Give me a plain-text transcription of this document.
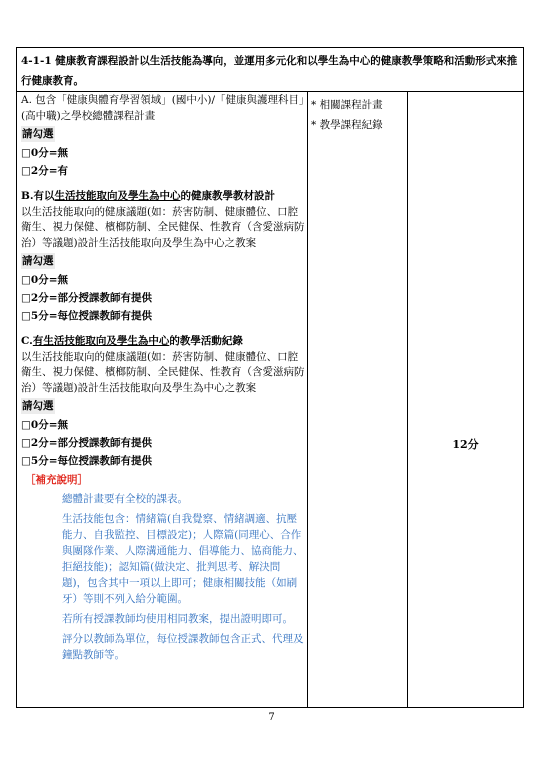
4-1-1 健康教育課程設計以生活技能為導向，並運用多元化和以學生為中心的健康教學策略和活動形式來推行健康教育。
A. 包含「健康與體育學習領域」(國中小)/「健康與護理科目」(高中職)之學校總體課程計畫
請勾選
□0分=無
□2分=有
B.有以生活技能取向及學生為中心的健康教學教材設計
以生活技能取向的健康議題(如：菸害防制、健康體位、口腔衛生、視力保健、檳榔防制、全民健保、性教育（含愛滋病防治）等議題)設計生活技能取向及學生為中心之教案
請勾選
□0分=無
□2分=部分授課教師有提供
□5分=每位授課教師有提供
C.有生活技能取向及學生為中心的教學活動紀錄
以生活技能取向的健康議題(如：菸害防制、健康體位、口腔衛生、視力保健、檳榔防制、全民健保、性教育（含愛滋病防治）等議題)設計生活技能取向及學生為中心之教案
請勾選
□0分=無
□2分=部分授課教師有提供
□5分=每位授課教師有提供
［補充說明］

總體計畫要有全校的課表。

生活技能包含：情緒篇(自我覺察、情緒調適、抗壓能力、自我監控、目標設定)；人際篇(同理心、合作與團隊作業、人際溝通能力、倡導能力、協商能力、拒絕技能)；認知篇(做決定、批判思考、解決問題)，包含其中一項以上即可；健康相關技能（如刷牙）等則不列入給分範圍。

若所有授課教師均使用相同教案，提出證明即可。

評分以教師為單位，每位授課教師包含正式、代理及鐘點教師等。

* 相關課程計畫
* 教學課程紀錄
12分
7
